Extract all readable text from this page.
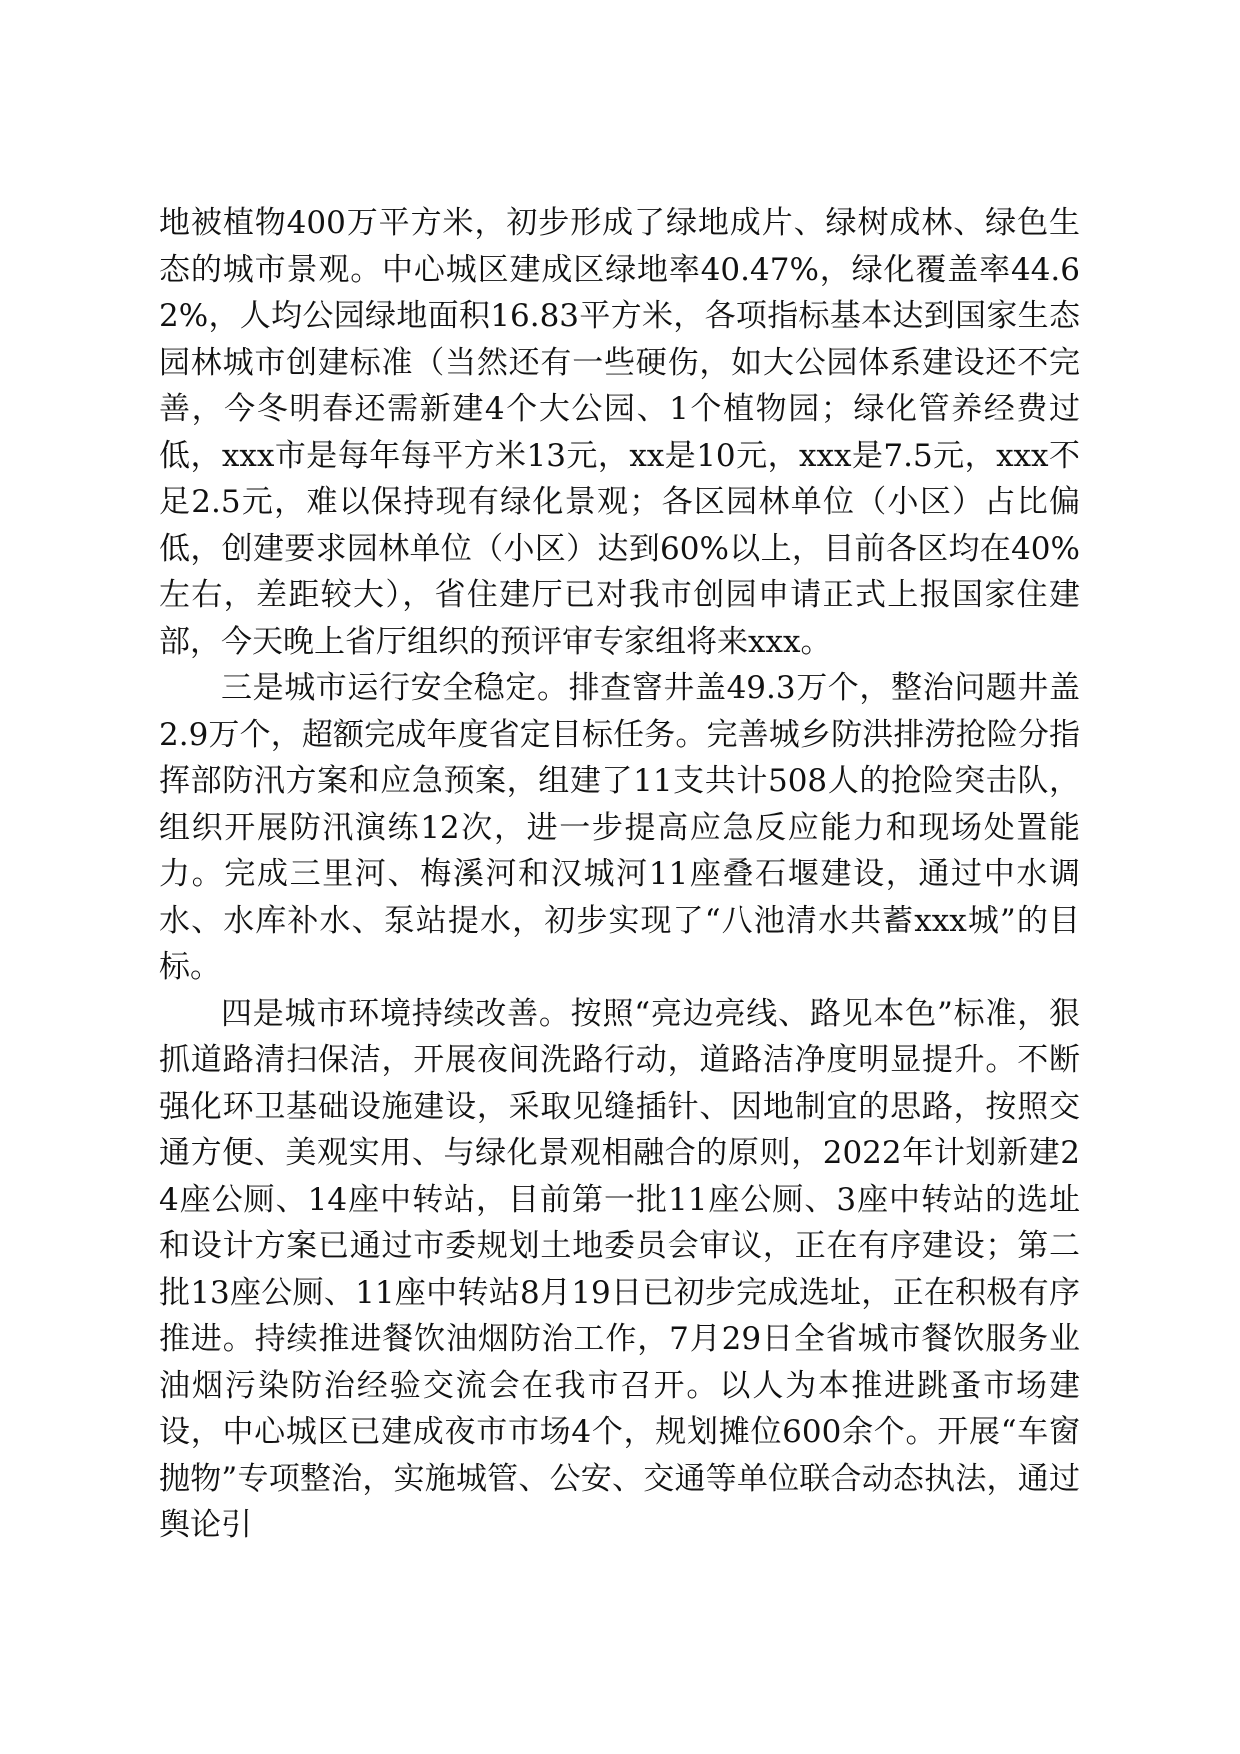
地被植物400万平方米，初步形成了绿地成片、绿树成林、绿色生态的城市景观。中心城区建成区绿地率40.47%，绿化覆盖率44.62%，人均公园绿地面积16.83平方米，各项指标基本达到国家生态园林城市创建标准（当然还有一些硬伤，如大公园体系建设还不完善，今冬明春还需新建4个大公园、1个植物园；绿化管养经费过低，xxx市是每年每平方米13元，xx是10元，xxx是7.5元，xxx不足2.5元，难以保持现有绿化景观；各区园林单位（小区）占比偏低，创建要求园林单位（小区）达到60%以上，目前各区均在40%左右，差距较大），省住建厅已对我市创园申请正式上报国家住建部，今天晚上省厅组织的预评审专家组将来xxx。

三是城市运行安全稳定。排查窨井盖49.3万个，整治问题井盖2.9万个，超额完成年度省定目标任务。完善城乡防洪排涝抢险分指挥部防汛方案和应急预案，组建了11支共计508人的抢险突击队，组织开展防汛演练12次，进一步提高应急反应能力和现场处置能力。完成三里河、梅溪河和汉城河11座叠石堰建设，通过中水调水、水库补水、泵站提水，初步实现了“八池清水共蓄xxx城”的目标。

四是城市环境持续改善。按照“亮边亮线、路见本色”标准，狠抓道路清扫保洁，开展夜间洗路行动，道路洁净度明显提升。不断强化环卫基础设施建设，采取见缝插针、因地制宜的思路，按照交通方便、美观实用、与绿化景观相融合的原则，2022年计划新建24座公厕、14座中转站，目前第一批11座公厕、3座中转站的选址和设计方案已通过市委规划土地委员会审议，正在有序建设；第二批13座公厕、11座中转站8月19日已初步完成选址，正在积极有序推进。持续推进餐饮油烟防治工作，7月29日全省城市餐饮服务业油烟污染防治经验交流会在我市召开。以人为本推进跳蚤市场建设，中心城区已建成夜市市场4个，规划摊位600余个。开展“车窗抛物”专项整治，实施城管、公安、交通等单位联合动态执法，通过舆论引
